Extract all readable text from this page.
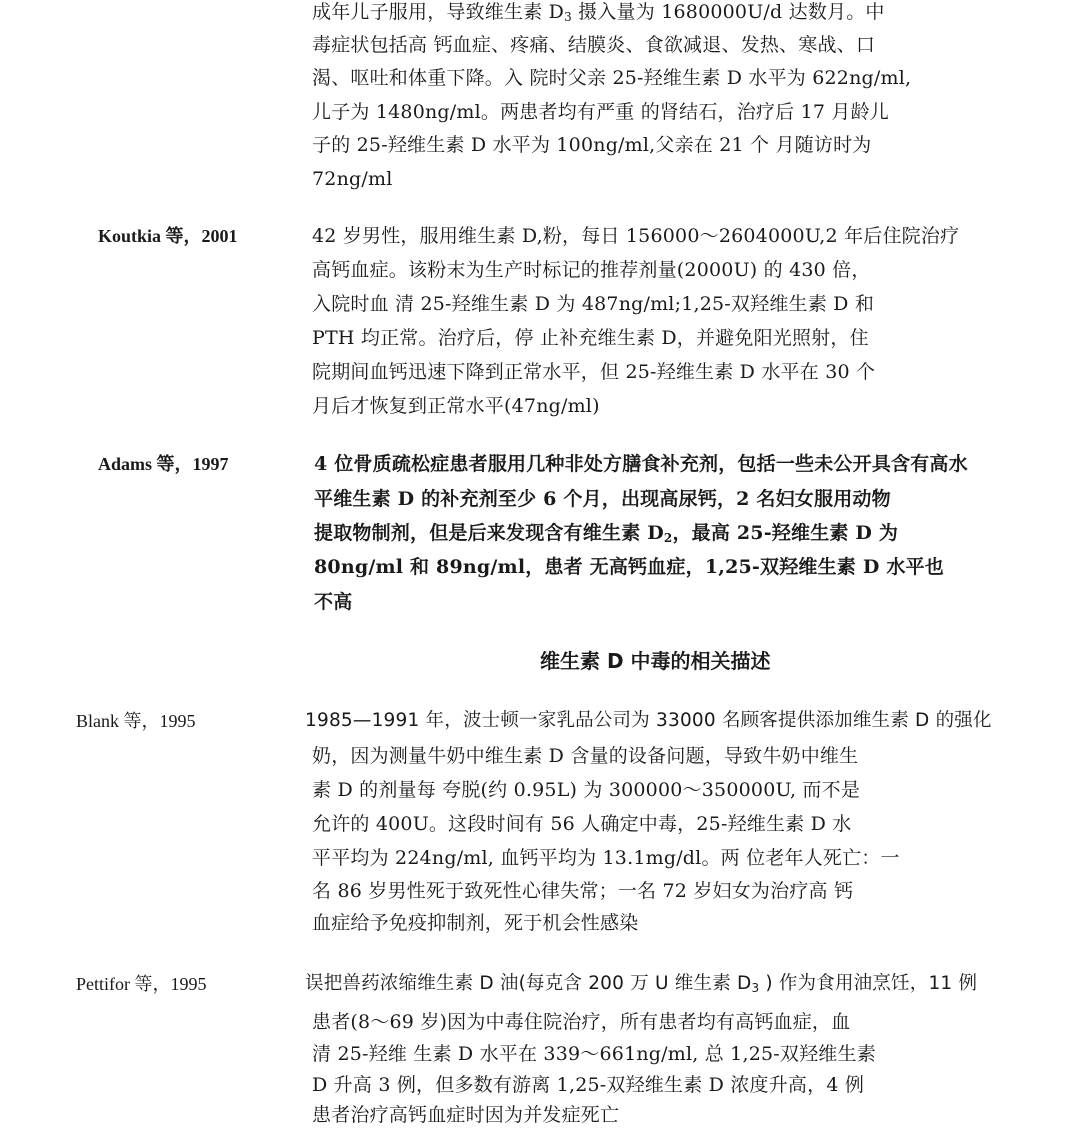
成年儿子服用，导致维生素 $D_3$ 摄入量为 1680000U/d 达数月。中
毒症状包括高 钙血症、疼痛、结膜炎、食欲减退、发热、寒战、口
渴、呕吐和体重下降。入 院时父亲 25-羟维生素 D 水平为 622ng/ml,
儿子为 1480ng/ml。两患者均有严重 的肾结石，治疗后 17 月龄儿
子的 25-羟维生素 D 水平为 100ng/ml,父亲在 21 个 月随访时为
72ng/ml
Koutkia 等，2001	42 岁男性，服用维生素 D,粉，每日 156000～2604000U,2 年后住院治疗
高钙血症。该粉末为生产时标记的推荐剂量(2000U) 的 430 倍，
入院时血 清 25-羟维生素 D 为 487ng/ml;1,25-双羟维生素 D 和
PTH 均正常。治疗后，停 止补充维生素 D，并避免阳光照射，住
院期间血钙迅速下降到正常水平，但 25-羟维生素 D 水平在 30 个
月后才恢复到正常水平(47ng/ml)
Adams 等，1997	4 位骨质疏松症患者服用几种非处方膳食补充剂，包括一些未公开具含有高水
平维生素 D 的补充剂至少 6 个月，出现高尿钙，2 名妇女服用动物
提取物制剂，但是后来发现含有维生素 $D_2$，最高 25-羟维生素 D 为
80ng/ml 和 89ng/ml，患者 无高钙血症，1,25-双羟维生素 D 水平也
不高
维生素 D 中毒的相关描述
Blank 等，1995	1985—1991 年，波士顿一家乳品公司为 33000 名顾客提供添加维生素 D 的强化
奶，因为测量牛奶中维生素 D 含量的设备问题，导致牛奶中维生
素 D 的剂量每 夸脱(约 0.95L) 为 300000～350000U, 而不是
允许的 400U。这段时间有 56 人确定中毒，25-羟维生素 D 水
平平均为 224ng/ml, 血钙平均为 13.1mg/dl。两 位老年人死亡：一
名 86 岁男性死于致死性心律失常；一名 72 岁妇女为治疗高 钙
血症给予免疫抑制剂，死于机会性感染
Pettifor 等，1995	误把兽药浓缩维生素 D 油(每克含 200 万 U 维生素 $D_3$ ) 作为食用油烹饪，11 例
患者(8～69 岁)因为中毒住院治疗，所有患者均有高钙血症，血
清 25-羟维 生素 D 水平在 339～661ng/ml, 总 1,25-双羟维生素
D 升高 3 例，但多数有游离 1,25-双羟维生素 D 浓度升高，4 例
患者治疗高钙血症时因为并发症死亡
